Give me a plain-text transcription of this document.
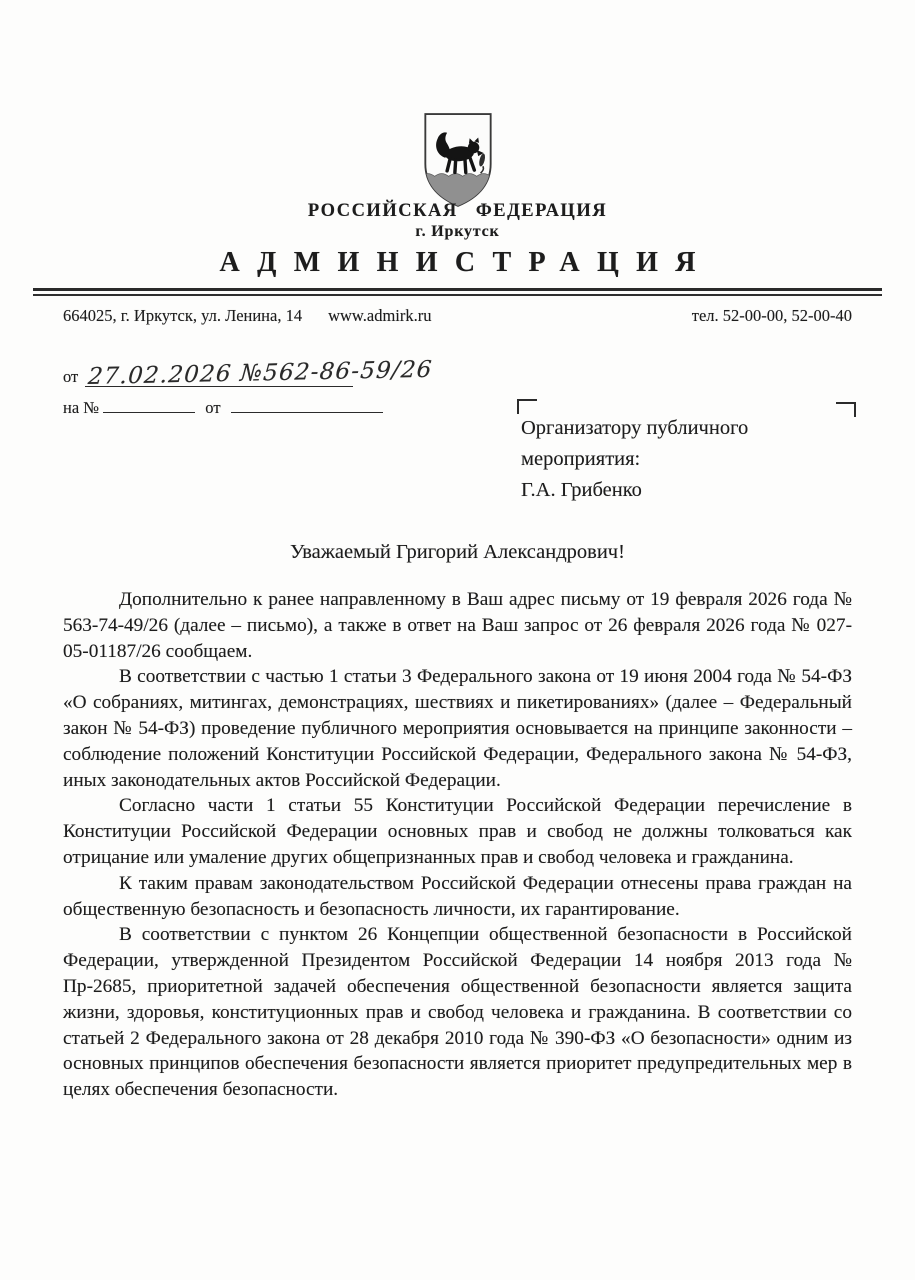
РОССИЙСКАЯ ФЕДЕРАЦИЯ
г. Иркутск
АДМИНИСТРАЦИЯ
664025, г. Иркутск, ул. Ленина, 14 www.admirk.ru	тел. 52-00-00, 52-00-40
от 27.02.2026 №562-86-59/26
на №	от
Организатору публичного
мероприятия:
Г.А. Грибенко
Уважаемый Григорий Александрович!

Дополнительно к ранее направленному в Ваш адрес письму от 19 февраля 2026 года № 563-74-49/26 (далее – письмо), а также в ответ на Ваш запрос от 26 февраля 2026 года № 027-05-01187/26 сообщаем.

В соответствии с частью 1 статьи 3 Федерального закона от 19 июня 2004 года № 54-ФЗ «О собраниях, митингах, демонстрациях, шествиях и пикетированиях» (далее – Федеральный закон № 54-ФЗ) проведение публичного мероприятия основывается на принципе законности – соблюдение положений Конституции Российской Федерации, Федерального закона № 54-ФЗ, иных законодательных актов Российской Федерации.

Согласно части 1 статьи 55 Конституции Российской Федерации перечисление в Конституции Российской Федерации основных прав и свобод не должны толковаться как отрицание или умаление других общепризнанных прав и свобод человека и гражданина.

К таким правам законодательством Российской Федерации отнесены права граждан на общественную безопасность и безопасность личности, их гарантирование.

В соответствии с пунктом 26 Концепции общественной безопасности в Российской Федерации, утвержденной Президентом Российской Федерации 14 ноября 2013 года № Пр-2685, приоритетной задачей обеспечения общественной безопасности является защита жизни, здоровья, конституционных прав и свобод человека и гражданина. В соответствии со статьей 2 Федерального закона от 28 декабря 2010 года № 390-ФЗ «О безопасности» одним из основных принципов обеспечения безопасности является приоритет предупредительных мер в целях обеспечения безопасности.
